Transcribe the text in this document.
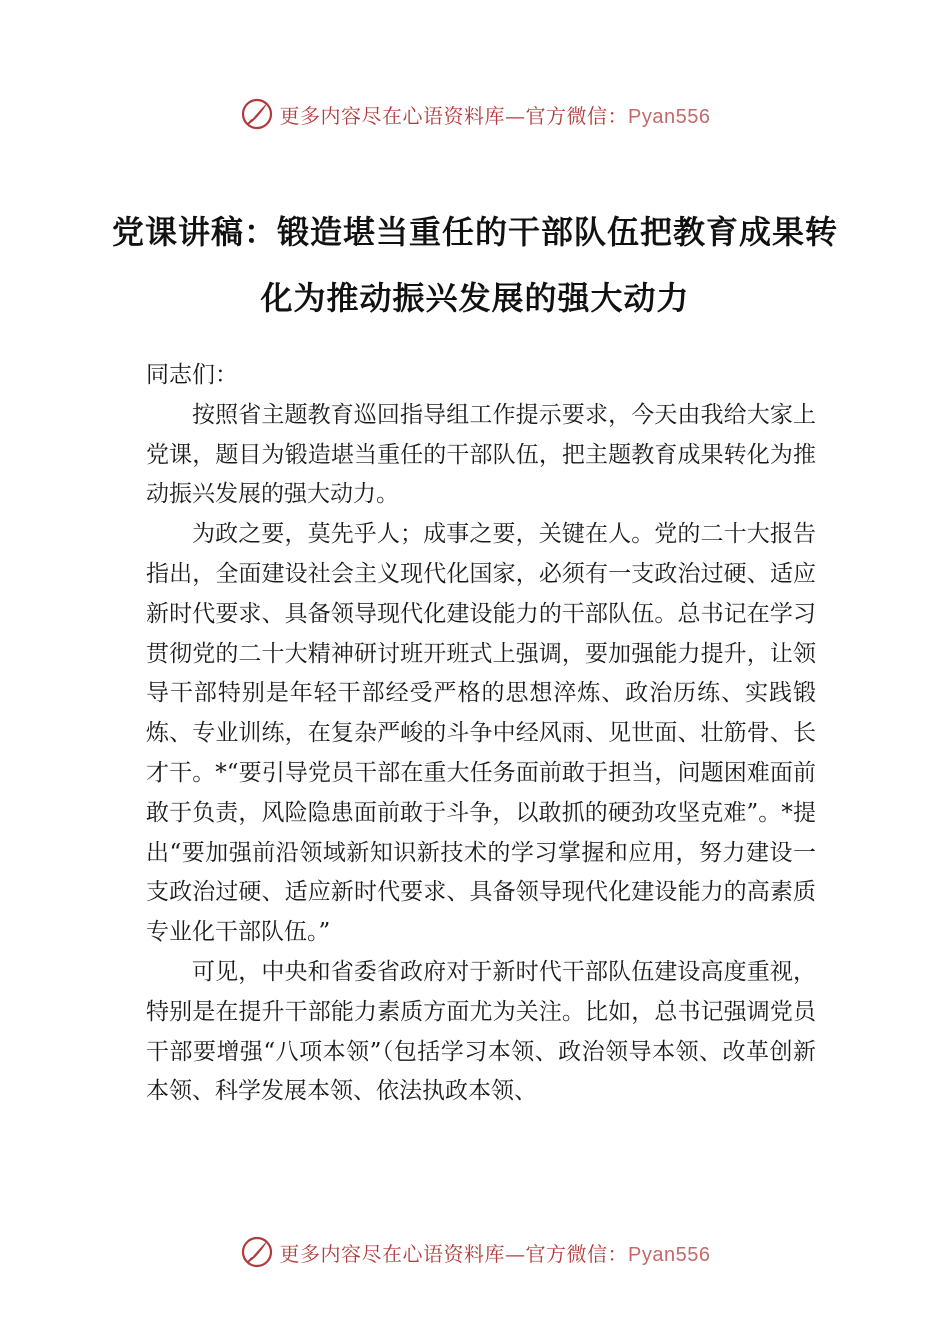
更多内容尽在心语资料库—官方微信：Pyan556
党课讲稿：锻造堪当重任的干部队伍把教育成果转化为推动振兴发展的强大动力

同志们：

按照省主题教育巡回指导组工作提示要求，今天由我给大家上党课，题目为锻造堪当重任的干部队伍，把主题教育成果转化为推动振兴发展的强大动力。

为政之要，莫先乎人；成事之要，关键在人。党的二十大报告指出，全面建设社会主义现代化国家，必须有一支政治过硬、适应新时代要求、具备领导现代化建设能力的干部队伍。总书记在学习贯彻党的二十大精神研讨班开班式上强调，要加强能力提升，让领导干部特别是年轻干部经受严格的思想淬炼、政治历练、实践锻炼、专业训练，在复杂严峻的斗争中经风雨、见世面、壮筋骨、长才干。*“要引导党员干部在重大任务面前敢于担当，问题困难面前敢于负责，风险隐患面前敢于斗争，以敢抓的硬劲攻坚克难”。*提出“要加强前沿领域新知识新技术的学习掌握和应用，努力建设一支政治过硬、适应新时代要求、具备领导现代化建设能力的高素质专业化干部队伍。”

可见，中央和省委省政府对于新时代干部队伍建设高度重视，特别是在提升干部能力素质方面尤为关注。比如，总书记强调党员干部要增强“八项本领”（包括学习本领、政治领导本领、改革创新本领、科学发展本领、依法执政本领、

更多内容尽在心语资料库—官方微信：Pyan556
